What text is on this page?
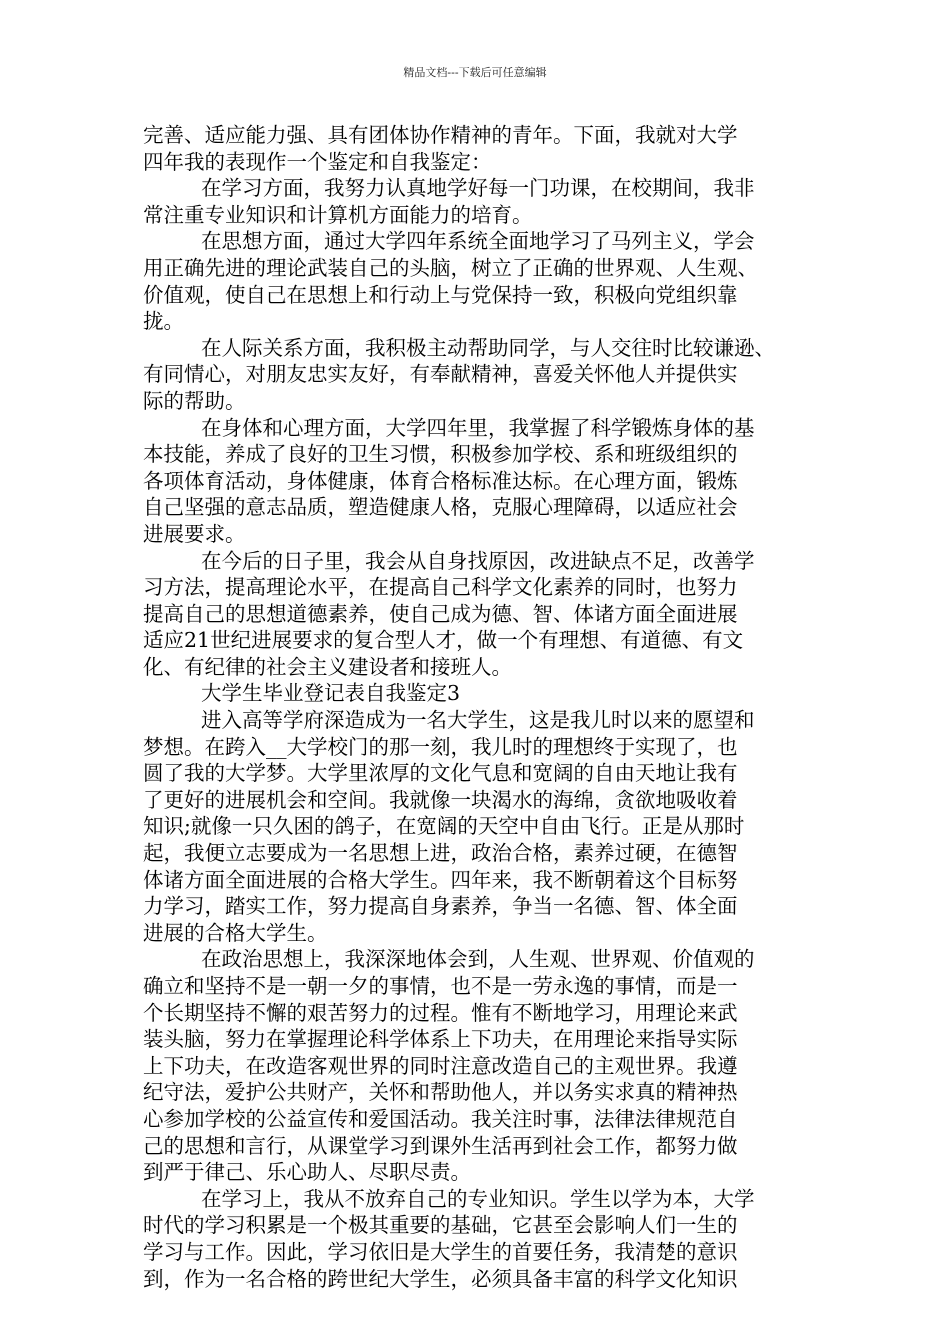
精品文档---下载后可任意编辑
完善、适应能力强、具有团体协作精神的青年。下面，我就对大学
四年我的表现作一个鉴定和自我鉴定：
在学习方面，我努力认真地学好每一门功课，在校期间，我非
常注重专业知识和计算机方面能力的培育。
在思想方面，通过大学四年系统全面地学习了马列主义，学会
用正确先进的理论武装自己的头脑，树立了正确的世界观、人生观、
价值观，使自己在思想上和行动上与党保持一致，积极向党组织靠
拢。
在人际关系方面，我积极主动帮助同学，与人交往时比较谦逊、
有同情心，对朋友忠实友好，有奉献精神，喜爱关怀他人并提供实
际的帮助。
在身体和心理方面，大学四年里，我掌握了科学锻炼身体的基
本技能，养成了良好的卫生习惯，积极参加学校、系和班级组织的
各项体育活动，身体健康，体育合格标准达标。在心理方面，锻炼
自己坚强的意志品质，塑造健康人格，克服心理障碍，以适应社会
进展要求。
在今后的日子里，我会从自身找原因，改进缺点不足，改善学
习方法，提高理论水平，在提高自己科学文化素养的同时，也努力
提高自己的思想道德素养，使自己成为德、智、体诸方面全面进展
适应21世纪进展要求的复合型人才，做一个有理想、有道德、有文
化、有纪律的社会主义建设者和接班人。
大学生毕业登记表自我鉴定3
进入高等学府深造成为一名大学生，这是我儿时以来的愿望和
梦想。在跨入__大学校门的那一刻，我儿时的理想终于实现了，也
圆了我的大学梦。大学里浓厚的文化气息和宽阔的自由天地让我有
了更好的进展机会和空间。我就像一块渴水的海绵，贪欲地吸收着
知识;就像一只久困的鸽子，在宽阔的天空中自由飞行。正是从那时
起，我便立志要成为一名思想上进，政治合格，素养过硬，在德智
体诸方面全面进展的合格大学生。四年来，我不断朝着这个目标努
力学习，踏实工作，努力提高自身素养，争当一名德、智、体全面
进展的合格大学生。
在政治思想上，我深深地体会到，人生观、世界观、价值观的
确立和坚持不是一朝一夕的事情，也不是一劳永逸的事情，而是一
个长期坚持不懈的艰苦努力的过程。惟有不断地学习，用理论来武
装头脑，努力在掌握理论科学体系上下功夫，在用理论来指导实际
上下功夫，在改造客观世界的同时注意改造自己的主观世界。我遵
纪守法，爱护公共财产，关怀和帮助他人，并以务实求真的精神热
心参加学校的公益宣传和爱国活动。我关注时事，法律法律规范自
己的思想和言行，从课堂学习到课外生活再到社会工作，都努力做
到严于律己、乐心助人、尽职尽责。
在学习上，我从不放弃自己的专业知识。学生以学为本，大学
时代的学习积累是一个极其重要的基础，它甚至会影响人们一生的
学习与工作。因此，学习依旧是大学生的首要任务，我清楚的意识
到，作为一名合格的跨世纪大学生，必须具备丰富的科学文化知识
